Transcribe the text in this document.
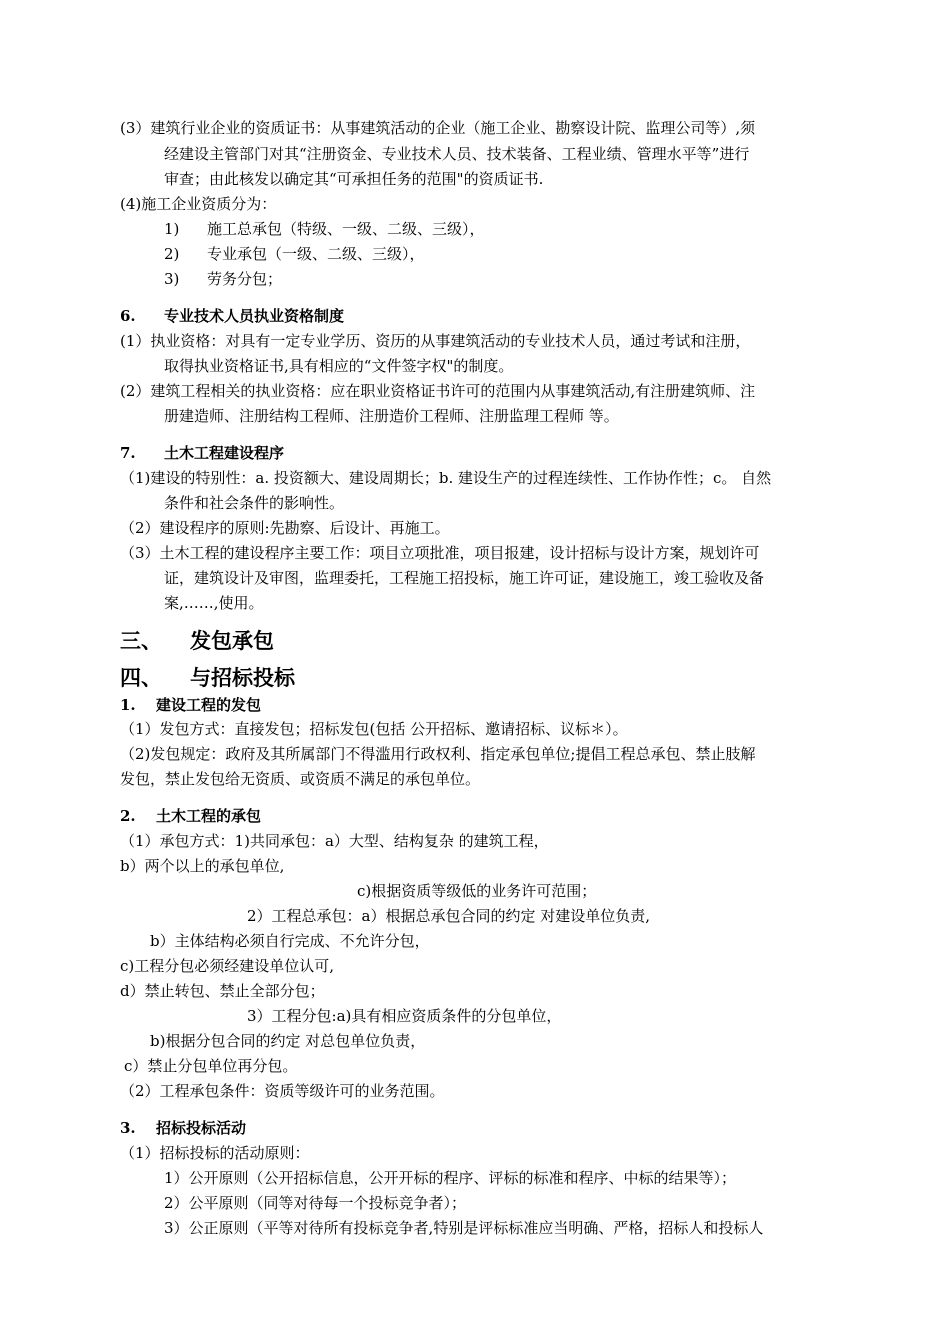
(3）建筑行业企业的资质证书：从事建筑活动的企业（施工企业、勘察设计院、监理公司等）,须
经建设主管部门对其“注册资金、专业技术人员、技术装备、工程业绩、管理水平等”进行
审查；由此核发以确定其“可承担任务的范围"的资质证书.
(4)施工企业资质分为：
1) 施工总承包（特级、一级、二级、三级），
2) 专业承包（一级、二级、三级），
3) 劳务分包；
6. 专业技术人员执业资格制度
(1）执业资格：对具有一定专业学历、资历的从事建筑活动的专业技术人员，通过考试和注册，
取得执业资格证书,具有相应的“文件签字权"的制度。
(2）建筑工程相关的执业资格：应在职业资格证书许可的范围内从事建筑活动,有注册建筑师、注
册建造师、注册结构工程师、注册造价工程师、注册监理工程师 等。
7. 土木工程建设程序
（1)建设的特别性：a. 投资额大、建设周期长；b. 建设生产的过程连续性、工作协作性；c。 自然
条件和社会条件的影响性。
（2）建设程序的原则:先勘察、后设计、再施工。
（3）土木工程的建设程序主要工作：项目立项批准，项目报建，设计招标与设计方案，规划许可
证，建筑设计及审图，监理委托，工程施工招投标，施工许可证，建设施工，竣工验收及备
案,……,使用。
三、 发包承包
四、 与招标投标
1. 建设工程的发包
（1）发包方式：直接发包；招标发包(包括 公开招标、邀请招标、议标＊）。
（2)发包规定：政府及其所属部门不得滥用行政权利、指定承包单位;提倡工程总承包、禁止肢解
发包，禁止发包给无资质、或资质不满足的承包单位。
2. 土木工程的承包
（1）承包方式：1)共同承包：a）大型、结构复杂 的建筑工程，
b）两个以上的承包单位,
c)根据资质等级低的业务许可范围；
2）工程总承包：a）根据总承包合同的约定 对建设单位负责,
b）主体结构必须自行完成、不允许分包，
c)工程分包必须经建设单位认可,
d）禁止转包、禁止全部分包；
3）工程分包:a)具有相应资质条件的分包单位，
b)根据分包合同的约定 对总包单位负责，
c）禁止分包单位再分包。
（2）工程承包条件：资质等级许可的业务范围。
3. 招标投标活动
（1）招标投标的活动原则：
1）公开原则（公开招标信息，公开开标的程序、评标的标准和程序、中标的结果等）；
2）公平原则（同等对待每一个投标竞争者）；
3）公正原则（平等对待所有投标竞争者,特别是评标标准应当明确、严格，招标人和投标人
